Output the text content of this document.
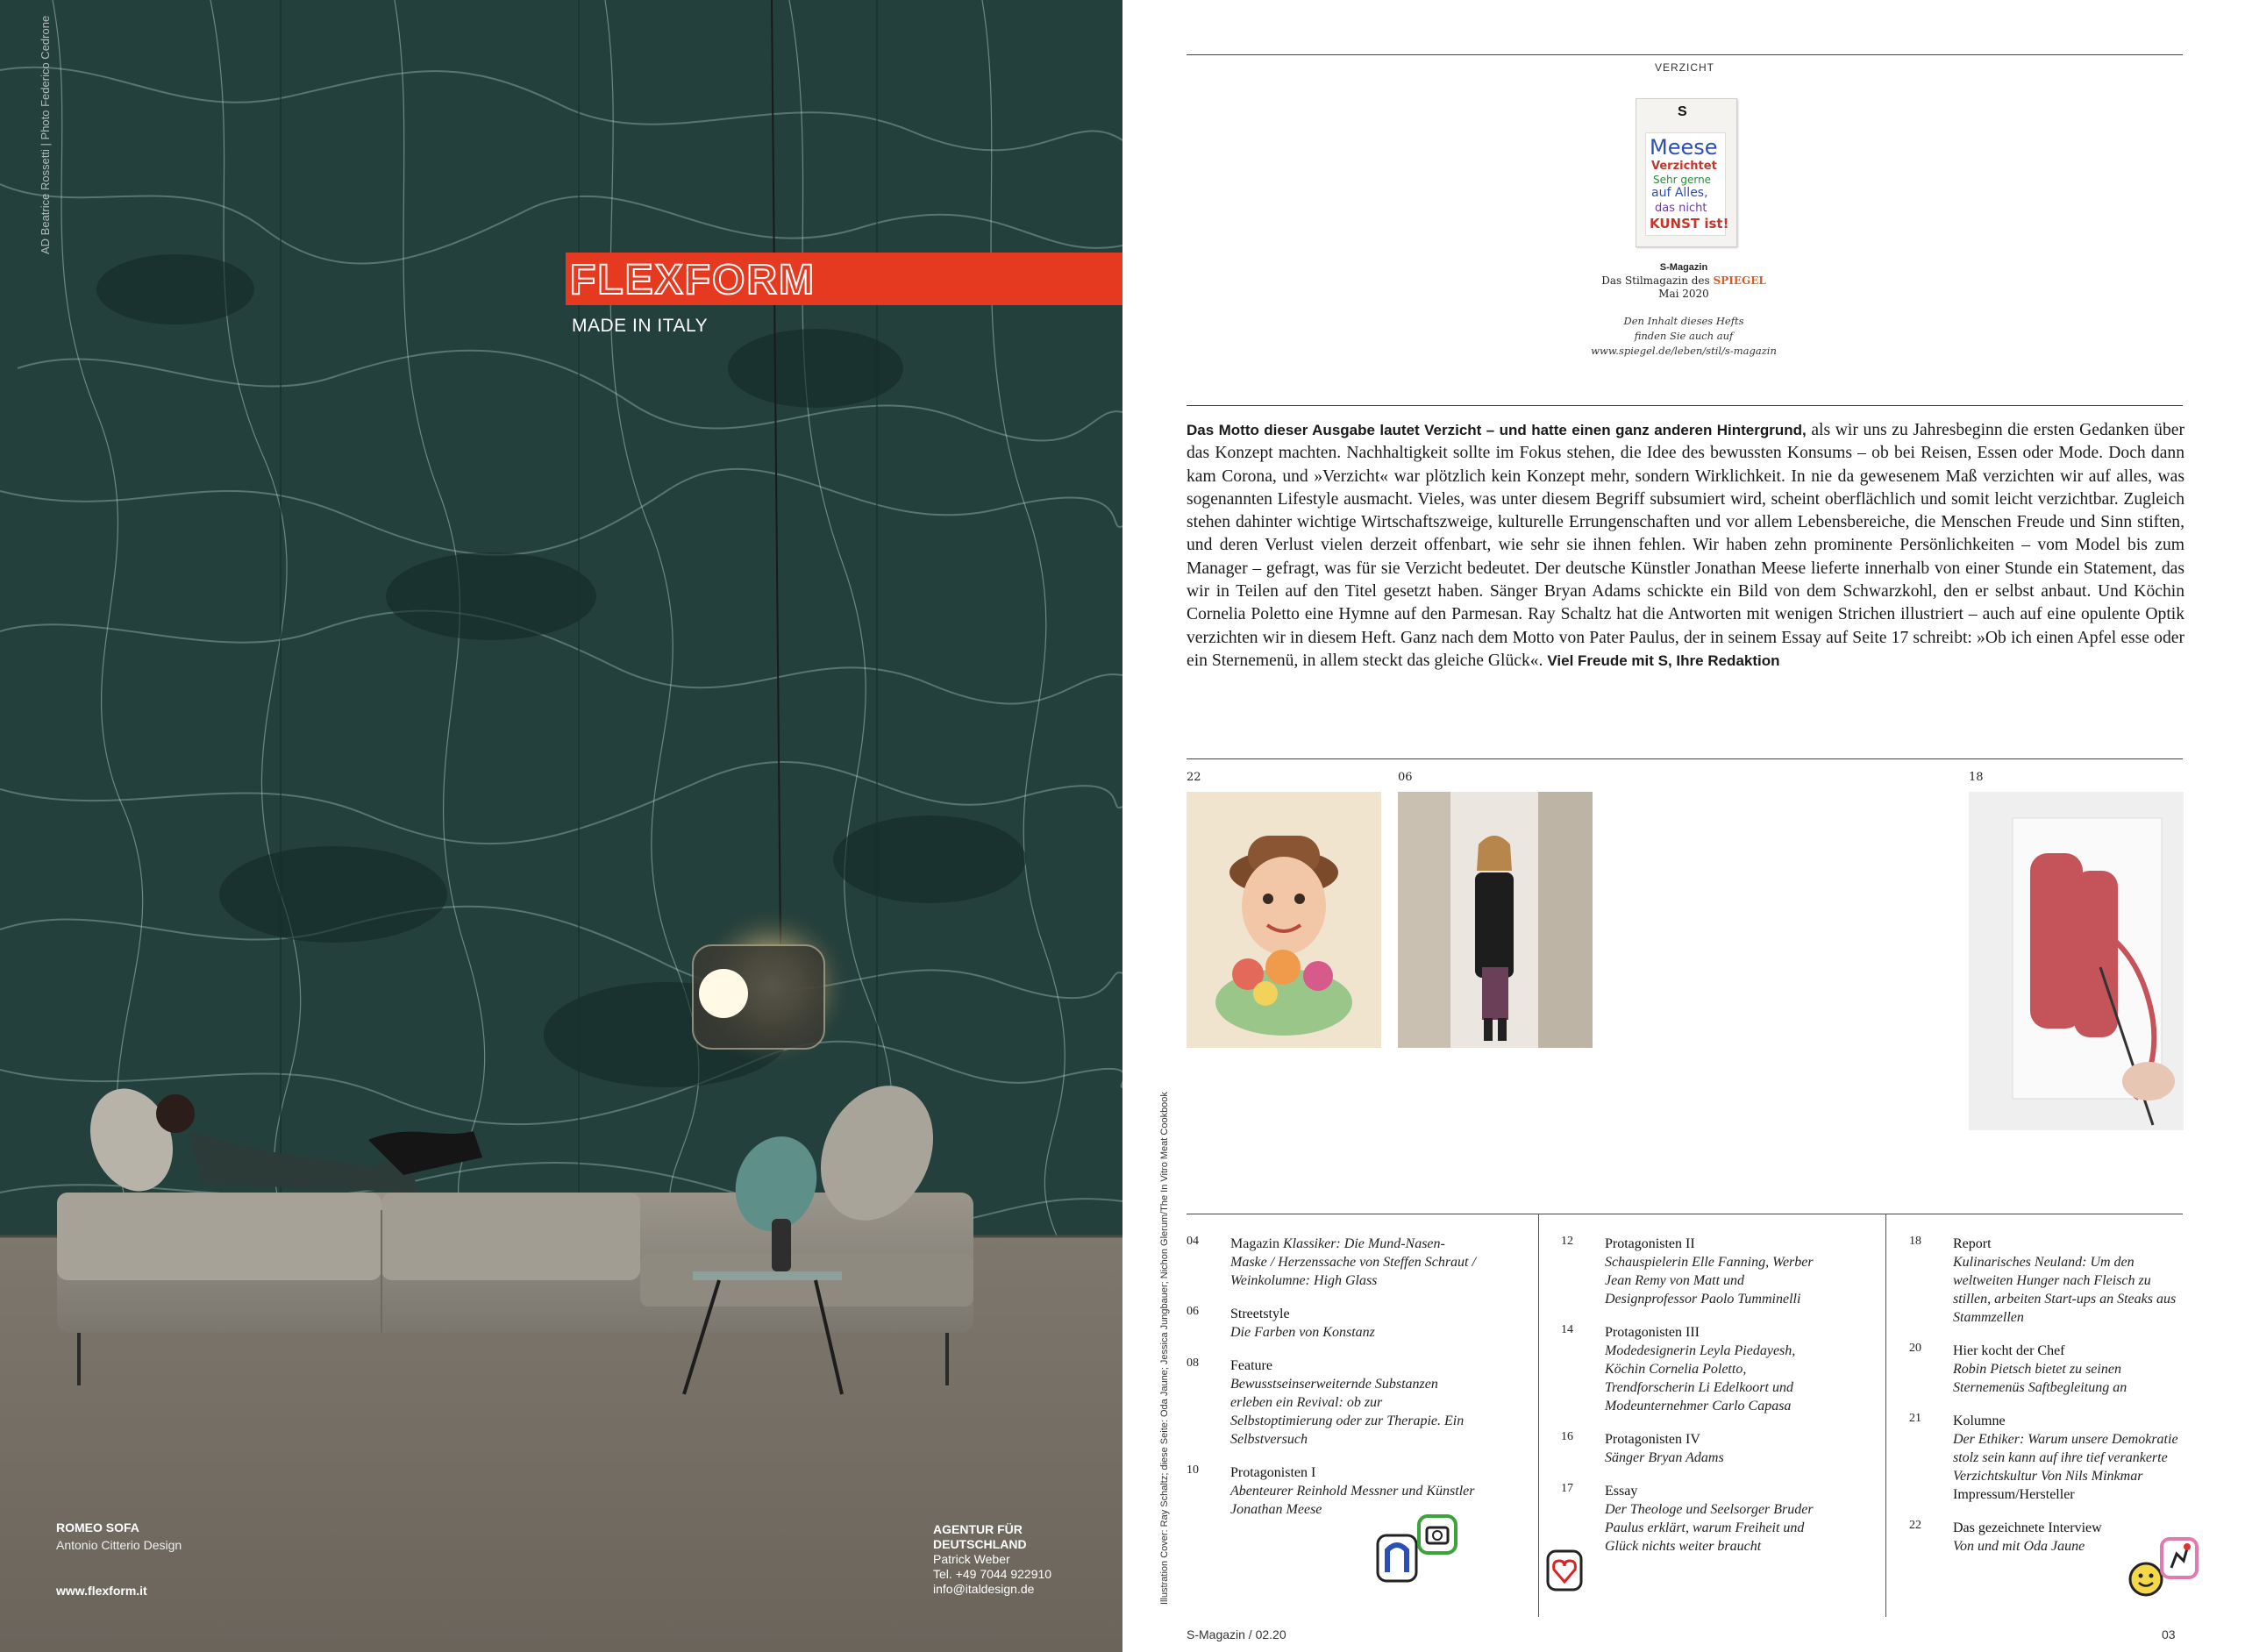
AD Beatrice Rossetti | Photo Federico Cedrone
FLEXFORM
MADE IN ITALY
ROMEO SOFA
Antonio Citterio Design
www.flexform.it
AGENTUR FÜR
DEUTSCHLAND
Patrick Weber
Tel. +49 7044 922910
info@italdesign.de
VERZICHT
S
Meese
Verzichtet
Sehr gerne
auf Alles,
das nicht
KUNST ist!
S-Magazin
Das Stilmagazin des SPIEGEL
Mai 2020
Den Inhalt dieses Hefts
finden Sie auch auf
www.spiegel.de/leben/stil/s-magazin
Das Motto dieser Ausgabe lautet Verzicht – und hatte einen ganz anderen Hintergrund, als wir uns zu Jahresbeginn die ersten Gedanken über das Konzept machten. Nachhaltigkeit sollte im Fokus stehen, die Idee des bewussten Konsums – ob bei Reisen, Essen oder Mode. Doch dann kam Corona, und »Verzicht« war plötzlich kein Konzept mehr, sondern Wirklichkeit. In nie da gewesenem Maß verzichten wir auf alles, was sogenannten Lifestyle ausmacht. Vieles, was unter diesem Begriff subsumiert wird, scheint oberflächlich und somit leicht verzichtbar. Zugleich stehen dahinter wichtige Wirtschaftszweige, kulturelle Errungenschaften und vor allem Lebensbereiche, die Menschen Freude und Sinn stiften, und deren Verlust vielen derzeit offenbart, wie sehr sie ihnen fehlen. Wir haben zehn prominente Persönlichkeiten – vom Model bis zum Manager – gefragt, was für sie Verzicht bedeutet. Der deutsche Künstler Jonathan Meese lieferte innerhalb von einer Stunde ein Statement, das wir in Teilen auf den Titel gesetzt haben. Sänger Bryan Adams schickte ein Bild von dem Schwarzkohl, den er selbst anbaut. Und Köchin Cornelia Poletto eine Hymne auf den Parmesan. Ray Schaltz hat die Antworten mit wenigen Strichen illustriert – auch auf eine opulente Optik verzichten wir in diesem Heft. Ganz nach dem Motto von Pater Paulus, der in seinem Essay auf Seite 17 schreibt: »Ob ich einen Apfel esse oder ein Sternemenü, in allem steckt das gleiche Glück«. Viel Freude mit S, Ihre Redaktion
22	06	18
04	Magazin Klassiker: Die Mund-Nasen-Maske / Herzenssache von Steffen Schraut / Weinkolumne: High Glass
06	Streetstyle
Die Farben von Konstanz
08	Feature
Bewusstseinserweiternde Substanzen erleben ein Revival: ob zur Selbstoptimierung oder zur Therapie. Ein Selbstversuch
10	Protagonisten I
Abenteurer Reinhold Messner und Künstler Jonathan Meese
12	Protagonisten II
Schauspielerin Elle Fanning, Werber Jean Remy von Matt und Designprofessor Paolo Tumminelli
14	Protagonisten III
Modedesignerin Leyla Piedayesh, Köchin Cornelia Poletto, Trendforscherin Li Edelkoort und Modeunternehmer Carlo Capasa
16	Protagonisten IV
Sänger Bryan Adams
17	Essay
Der Theologe und Seelsorger Bruder Paulus erklärt, warum Freiheit und Glück nichts weiter braucht
18	Report
Kulinarisches Neuland: Um den weltweiten Hunger nach Fleisch zu stillen, arbeiten Start-ups an Steaks aus Stammzellen
20	Hier kocht der Chef
Robin Pietsch bietet zu seinen Sternemenüs Saftbegleitung an
21	Kolumne
Der Ethiker: Warum unsere Demokratie stolz sein kann auf ihre tief verankerte Verzichtskultur Von Nils Minkmar
Impressum/Hersteller
22	Das gezeichnete Interview
Von und mit Oda Jaune
S-Magazin / 02.20	03
Illustration Cover: Ray Schaltz; diese Seite: Oda Jaune; Jessica Jungbauer; Nichon Glerum/The In Vitro Meat Cookbook
